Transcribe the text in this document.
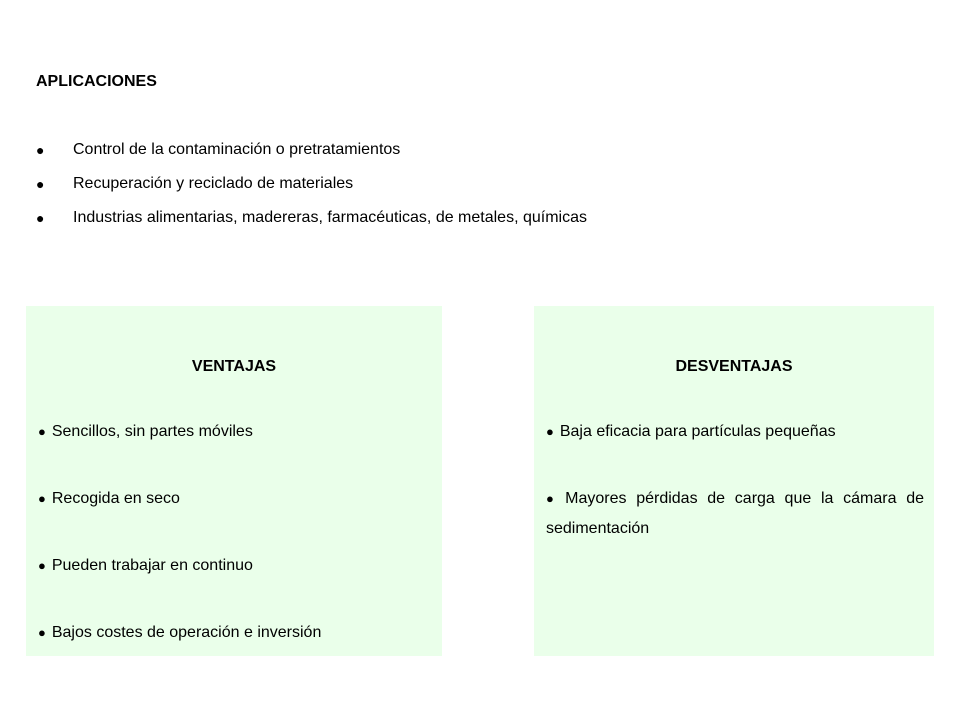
APLICACIONES
● Control de la contaminación o pretratamientos
● Recuperación y reciclado de materiales
● Industrias alimentarias, madereras, farmacéuticas, de metales, químicas
VENTAJAS
● Sencillos, sin partes móviles
● Recogida en seco
● Pueden trabajar en continuo
● Bajos costes de operación e inversión
DESVENTAJAS
● Baja eficacia para partículas pequeñas
● Mayores pérdidas de carga que la cámara de sedimentación
